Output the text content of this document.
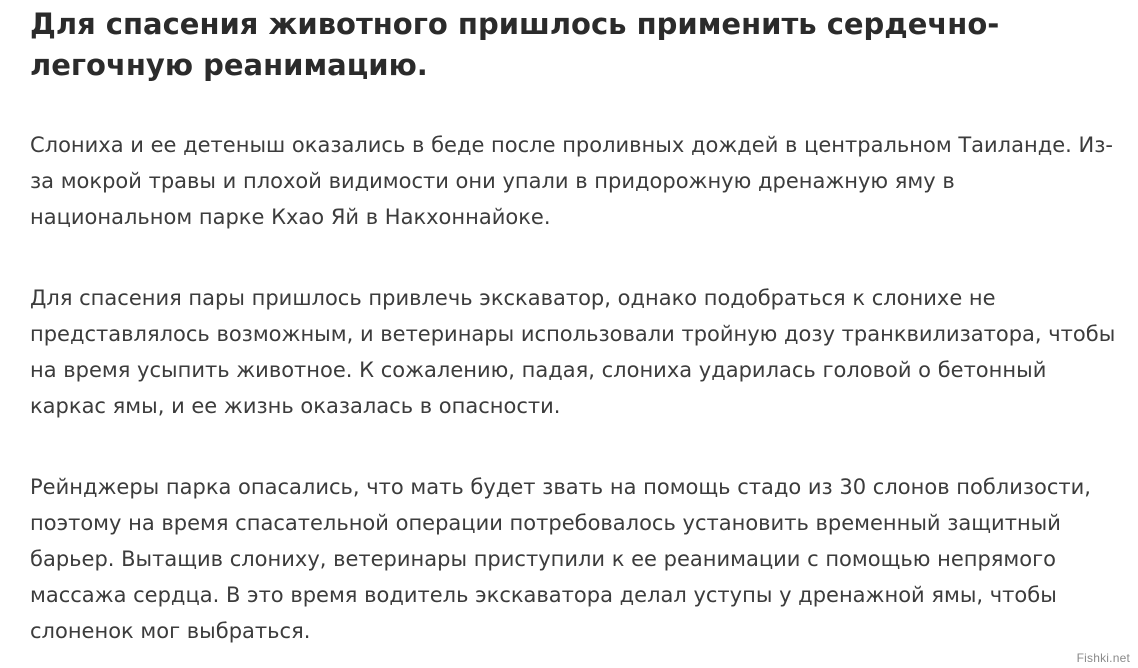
Для спасения животного пришлось применить сердечно-легочную реанимацию.

Слониха и ее детеныш оказались в беде после проливных дождей в центральном Таиланде. Из-за мокрой травы и плохой видимости они упали в придорожную дренажную яму в национальном парке Кхао Яй в Накхоннайоке.

Для спасения пары пришлось привлечь экскаватор, однако подобраться к слонихе не представлялось возможным, и ветеринары использовали тройную дозу транквилизатора, чтобы на время усыпить животное. К сожалению, падая, слониха ударилась головой о бетонный каркас ямы, и ее жизнь оказалась в опасности.

Рейнджеры парка опасались, что мать будет звать на помощь стадо из 30 слонов поблизости, поэтому на время спасательной операции потребовалось установить временный защитный барьер. Вытащив слониху, ветеринары приступили к ее реанимации с помощью непрямого массажа сердца. В это время водитель экскаватора делал уступы у дренажной ямы, чтобы слоненок мог выбраться.

Fishki.net
